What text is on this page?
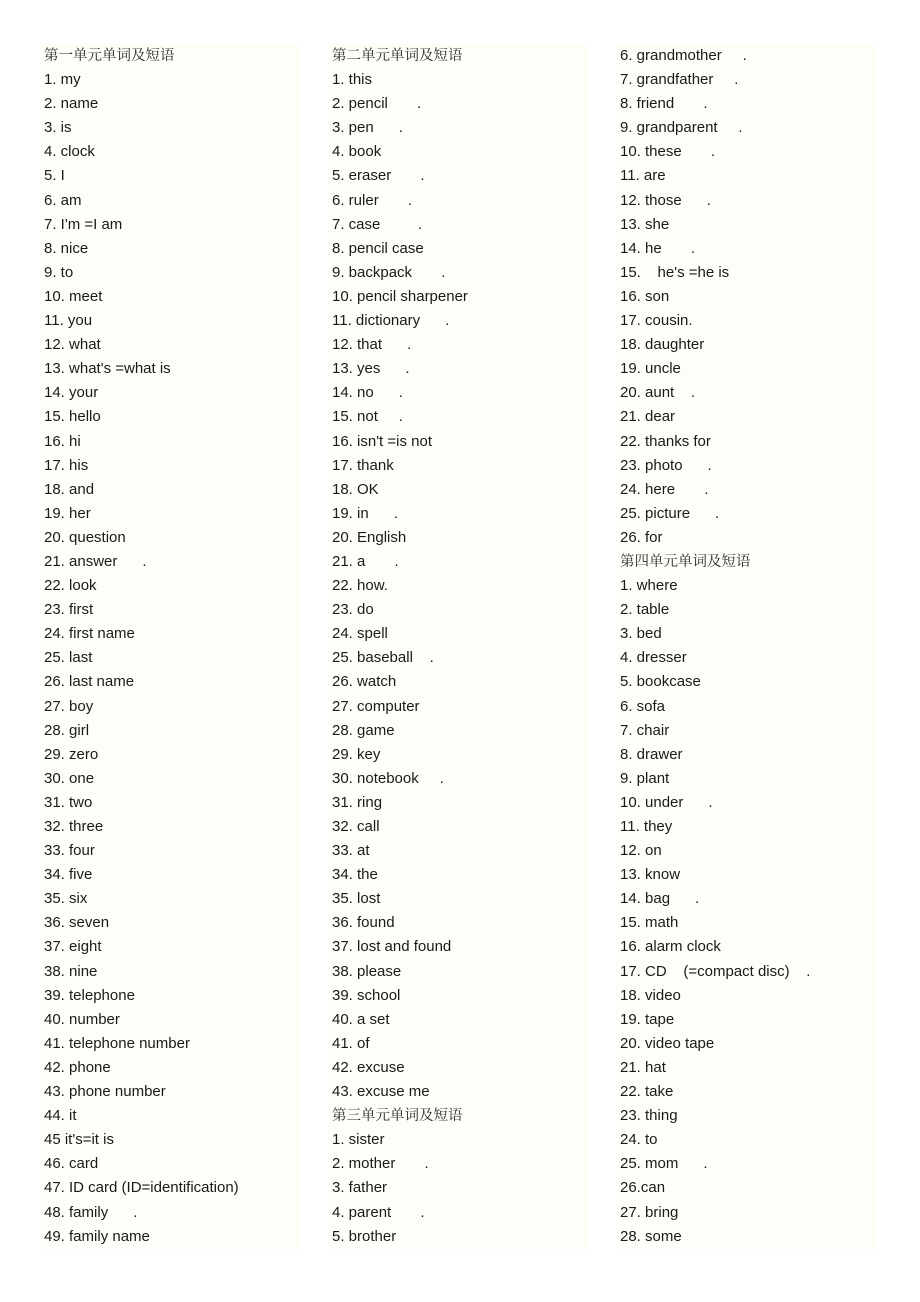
第一单元单词及短语
1. my
2. name
3. is
4. clock
5. I
6. am
7. I'm =I am
8. nice
9. to
10. meet
11. you
12. what
13. what's =what is
14. your
15. hello
16. hi
17. his
18. and
19. her
20. question
21. answer      .
22. look
23. first
24. first name
25. last
26. last name
27. boy
28. girl
29. zero
30. one
31. two
32. three
33. four
34. five
35. six
36. seven
37. eight
38. nine
39. telephone
40. number
41. telephone number
42. phone
43. phone number
44. it
45 it's=it is
46. card
47. ID card (ID=identification)
48. family      .
49. family name
第二单元单词及短语
1. this
2. pencil       .
3. pen      .
4. book
5. eraser       .
6. ruler       .
7. case         .
8. pencil case
9. backpack       .
10. pencil sharpener
11. dictionary      .
12. that      .
13. yes      .
14. no      .
15. not     .
16. isn't =is not
17. thank
18. OK
19. in      .
20. English
21. a       .
22. how.
23. do
24. spell
25. baseball    .
26. watch
27. computer
28. game
29. key
30. notebook     .
31. ring
32. call
33. at
34. the
35. lost
36. found
37. lost and found
38. please
39. school
40. a set
41. of
42. excuse
43. excuse me
第三单元单词及短语
1. sister
2. mother       .
3. father
4. parent       .
5. brother
6. grandmother     .
7. grandfather     .
8. friend       .
9. grandparent     .
10. these       .
11. are
12. those      .
13. she
14. he       .
15.    he's =he is
16. son
17. cousin.
18. daughter
19. uncle
20. aunt    .
21. dear
22. thanks for
23. photo      .
24. here       .
25. picture      .
26. for
第四单元单词及短语
1. where
2. table
3. bed
4. dresser
5. bookcase
6. sofa
7. chair
8. drawer
9. plant
10. under      .
11. they
12. on
13. know
14. bag      .
15. math
16. alarm clock
17. CD    (=compact disc)    .
18. video
19. tape
20. video tape
21. hat
22. take
23. thing
24. to
25. mom      .
26.can
27. bring
28. some
